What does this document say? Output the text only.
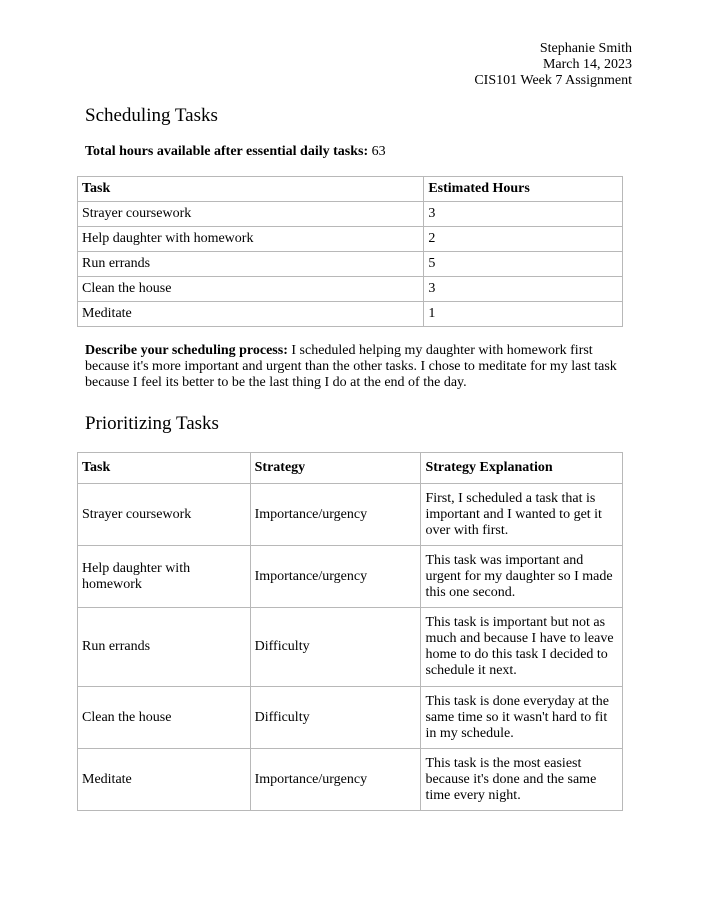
Stephanie Smith
March 14, 2023
CIS101 Week 7 Assignment
Scheduling Tasks

Total hours available after essential daily tasks: 63

Task	Estimated Hours
Strayer coursework	3
Help daughter with homework	2
Run errands	5
Clean the house	3
Meditate	1

Describe your scheduling process: I scheduled helping my daughter with homework first because it's more important and urgent than the other tasks. I chose to meditate for my last task because I feel its better to be the last thing I do at the end of the day.

Prioritizing Tasks
Task	Strategy	Strategy Explanation
Strayer coursework	Importance/urgency	First, I scheduled a task that is important and I wanted to get it over with first.
Help daughter with homework	Importance/urgency	This task was important and urgent for my daughter so I made this one second.
Run errands	Difficulty	This task is important but not as much and because I have to leave home to do this task I decided to schedule it next.
Clean the house	Difficulty	This task is done everyday at the same time so it wasn't hard to fit in my schedule.
Meditate	Importance/urgency	This task is the most easiest because it's done and the same time every night.
